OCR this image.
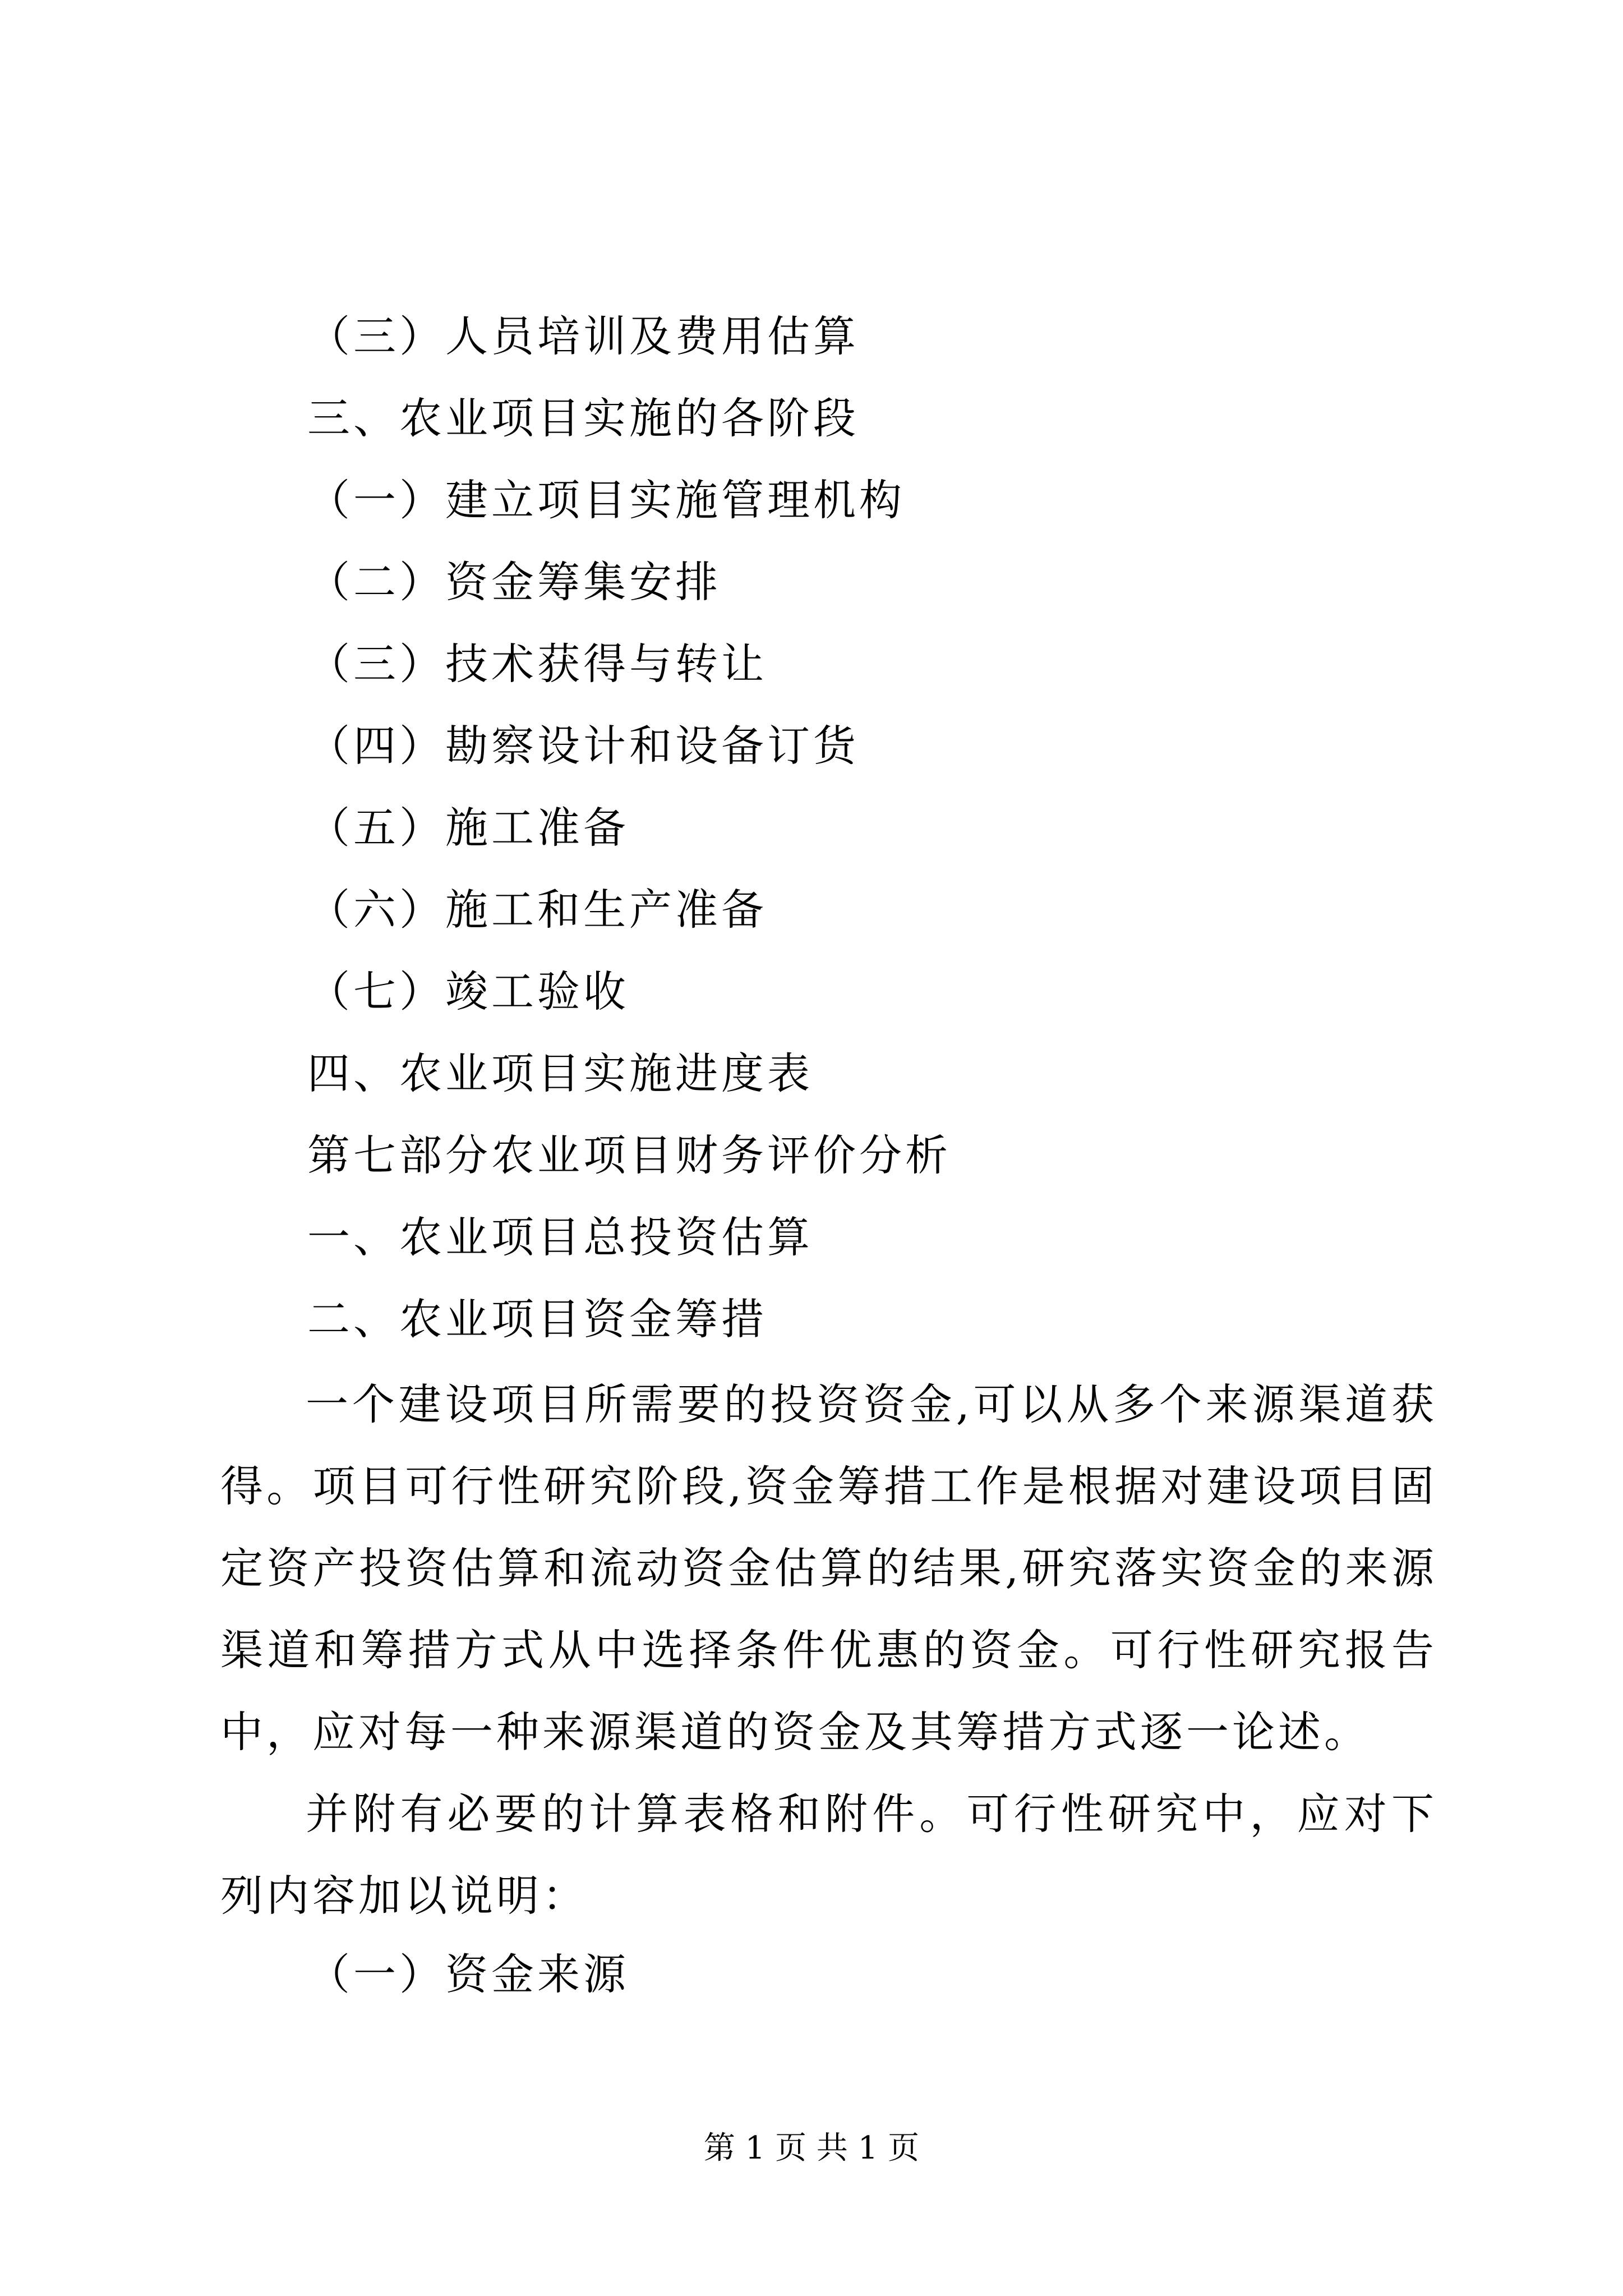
（三）人员培训及费用估算

三、农业项目实施的各阶段

（一）建立项目实施管理机构

（二）资金筹集安排

（三）技术获得与转让

（四）勘察设计和设备订货

（五）施工准备

（六）施工和生产准备

（七）竣工验收

四、农业项目实施进度表

第七部分农业项目财务评价分析

一、农业项目总投资估算

二、农业项目资金筹措

一个建设项目所需要的投资资金,可以从多个来源渠道获得。项目可行性研究阶段,资金筹措工作是根据对建设项目固定资产投资估算和流动资金估算的结果,研究落实资金的来源渠道和筹措方式从中选择条件优惠的资金。可行性研究报告中，应对每一种来源渠道的资金及其筹措方式逐一论述。

并附有必要的计算表格和附件。可行性研究中，应对下列内容加以说明：

（一）资金来源

第 1 页 共 1 页
